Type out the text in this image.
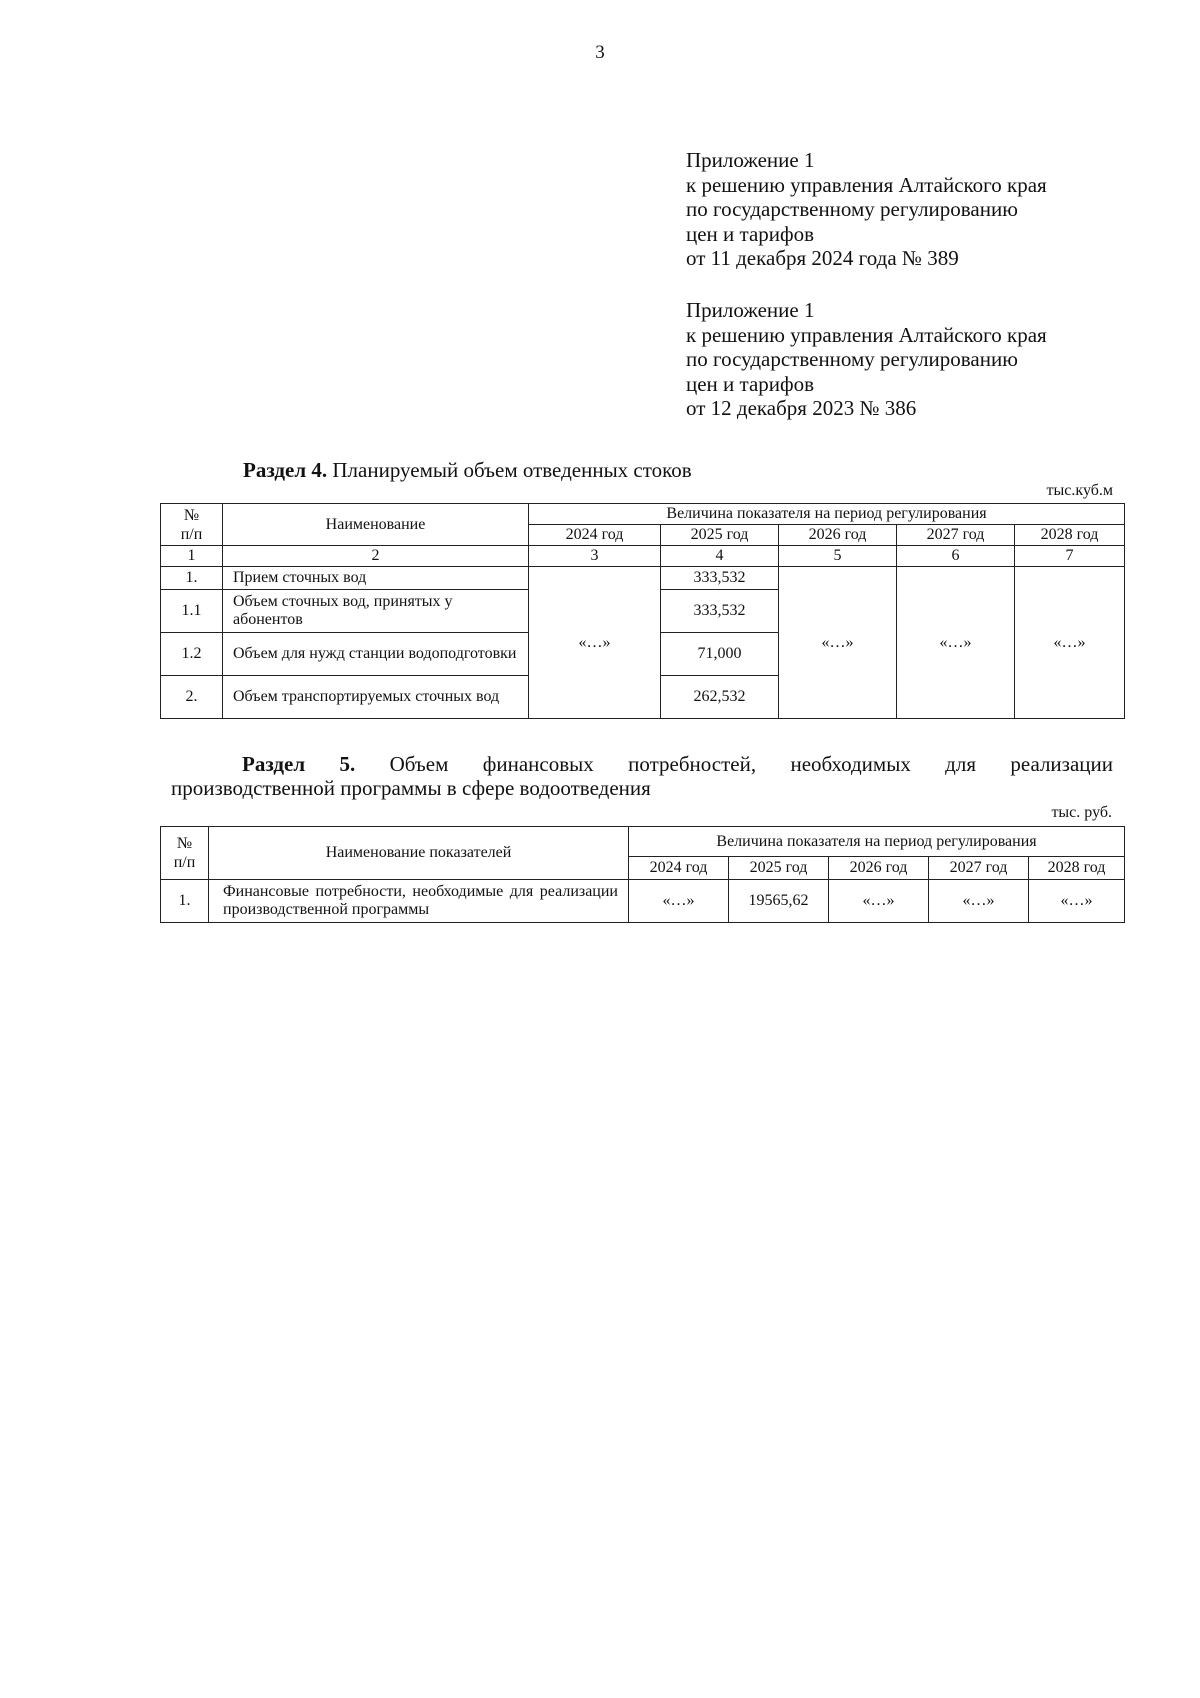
3
Приложение 1
к решению управления Алтайского края
по государственному регулированию
цен и тарифов
от 11 декабря 2024 года № 389
Приложение 1
к решению управления Алтайского края
по государственному регулированию
цен и тарифов
от 12 декабря 2023 № 386
Раздел 4. Планируемый объем отведенных стоков
тыс.куб.м
№
п/п	Наименование	Величина показателя на период регулирования				
		2024 год	2025 год	2026 год	2027 год	2028 год
1	2	3	4	5	6	7
1.	Прием сточных вод	«…»	333,532	«…»	«…»	«…»
1.1	Объем сточных вод, принятых у абонентов		333,532			
1.2	Объем для нужд станции водоподготовки		71,000			
2.	Объем транспортируемых сточных вод		262,532			
Раздел 5. Объем финансовых потребностей, необходимых для реализации
производственной программы в сфере водоотведения
тыс. руб.
№
п/п	Наименование показателей	Величина показателя на период регулирования				
		2024 год	2025 год	2026 год	2027 год	2028 год
1.	Финансовые потребности, необходимые для реализации производственной программы	«…»	19565,62	«…»	«…»	«…»
